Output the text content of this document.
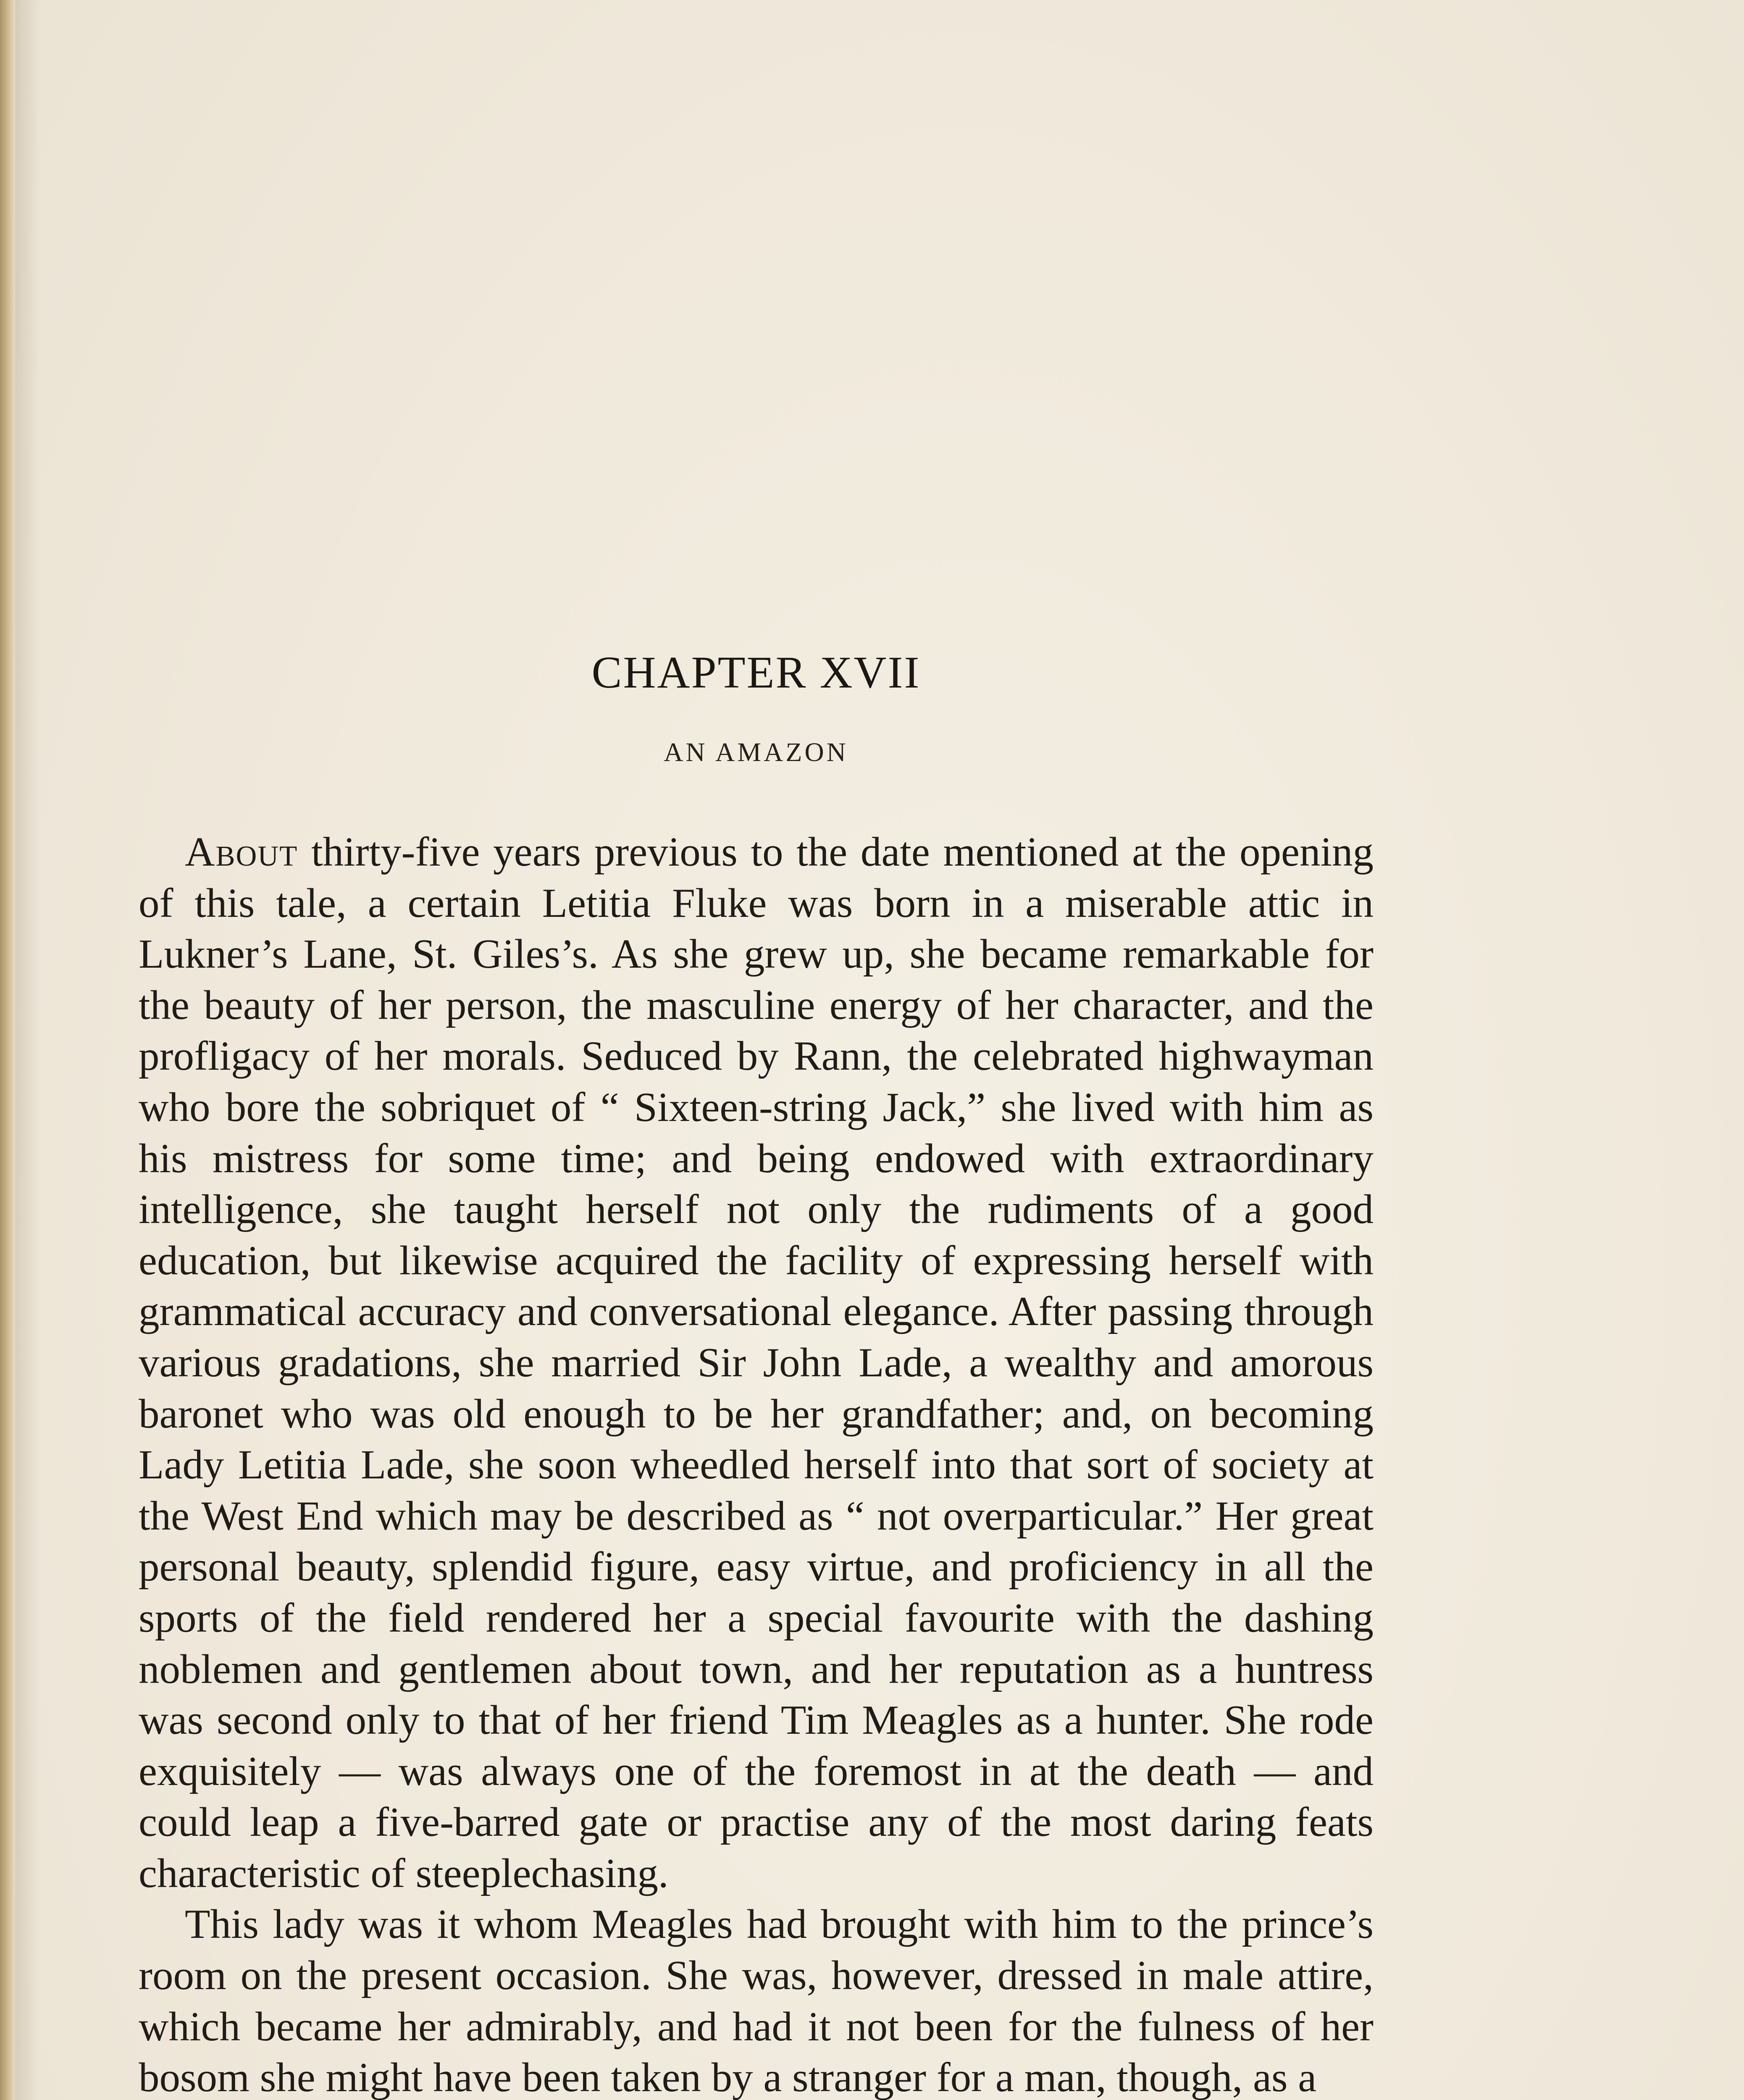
CHAPTER XVII
AN AMAZON

About thirty-five years previous to the date mentioned at the opening of this tale, a certain Letitia Fluke was born in a miserable attic in Lukner’s Lane, St. Giles’s. As she grew up, she became remarkable for the beauty of her person, the masculine energy of her character, and the profligacy of her morals. Seduced by Rann, the celebrated highwayman who bore the sobriquet of “ Sixteen-string Jack,” she lived with him as his mistress for some time; and being endowed with extraordinary intelligence, she taught herself not only the rudiments of a good education, but likewise acquired the facility of expressing herself with grammatical accuracy and conversational elegance. After passing through various gradations, she married Sir John Lade, a wealthy and amorous baronet who was old enough to be her grandfather; and, on becoming Lady Letitia Lade, she soon wheedled herself into that sort of society at the West End which may be described as “ not overparticular.” Her great personal beauty, splendid figure, easy virtue, and proficiency in all the sports of the field rendered her a special favourite with the dashing noblemen and gentlemen about town, and her reputation as a huntress was second only to that of her friend Tim Meagles as a hunter. She rode exquisitely — was always one of the foremost in at the death — and could leap a five-barred gate or practise any of the most daring feats characteristic of steeplechasing.

This lady was it whom Meagles had brought with him to the prince’s room on the present occasion. She was, however, dressed in male attire, which became her admirably, and had it not been for the fulness of her bosom she might have been taken by a stranger for a man, though, as a
